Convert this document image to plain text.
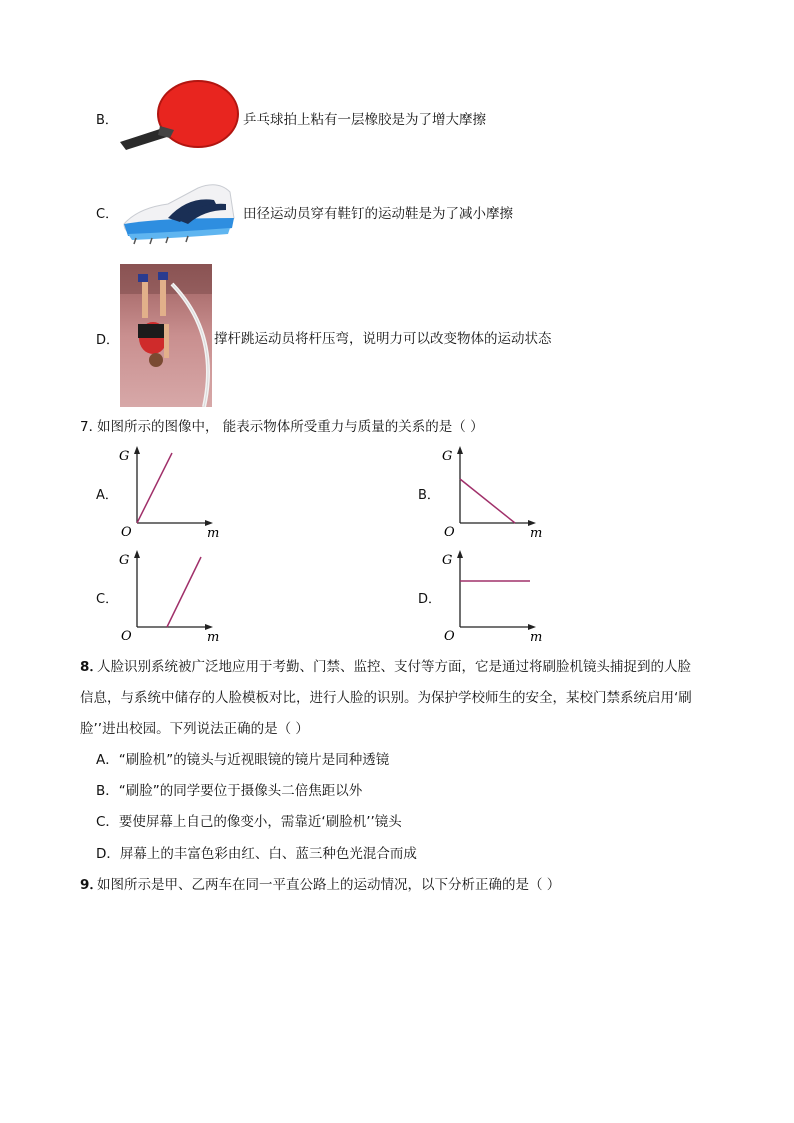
B．	乒乓球拍上粘有一层橡胶是为了增大摩擦
C．	田径运动员穿有鞋钉的运动鞋是为了减小摩擦
D．	撑杆跳运动员将杆压弯，说明力可以改变物体的运动状态
7．
如图所示的图像中， 能表示物体所受重力与质量的关系的是（ ）
A．
G
O	m
B．
G
O	m
C．
G
O	m
D．
G
O	m
8．
人脸识别系统被广泛地应用于考勤、门禁、监控、支付等方面，它是通过将刷脸机镜头捕捉到的人脸
信息，与系统中储存的人脸模板对比，进行人脸的识别。为保护学校师生的安全，某校门禁系统启用‘刷
脸’’进出校园。下列说法正确的是（ ）
A．“刷脸机”的镜头与近视眼镜的镜片是同种透镜
B．“刷脸”的同学要位于摄像头二倍焦距以外
C．要使屏幕上自己的像变小，需靠近‘刷脸机’’镜头
D．屏幕上的丰富色彩由红、白、蓝三种色光混合而成
9．
如图所示是甲、乙两车在同一平直公路上的运动情况，以下分析正确的是（ ）
